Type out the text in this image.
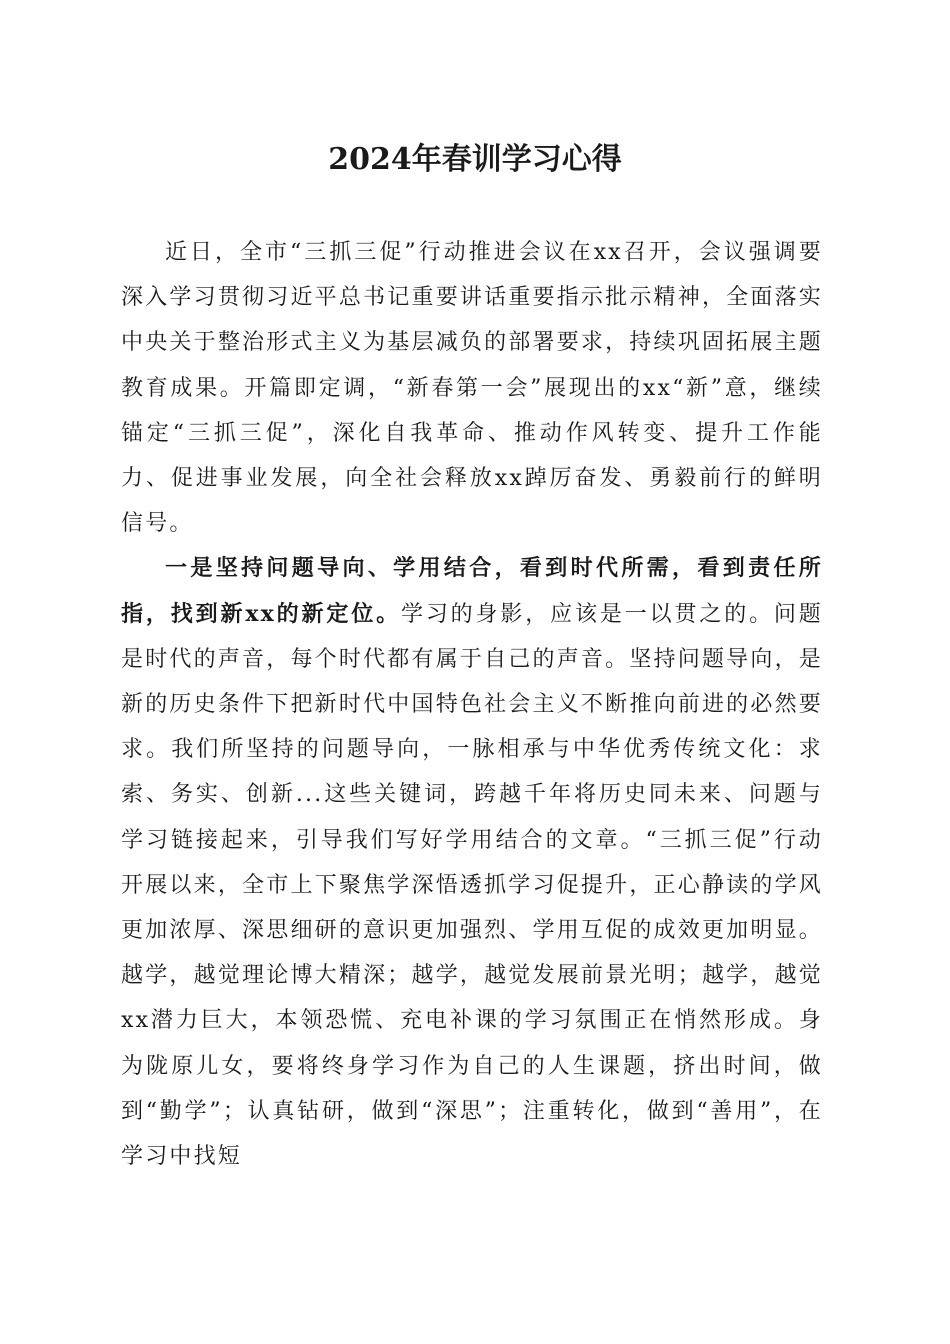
2024年春训学习心得

近日，全市“三抓三促”行动推进会议在xx召开，会议强调要深入学习贯彻习近平总书记重要讲话重要指示批示精神，全面落实中央关于整治形式主义为基层减负的部署要求，持续巩固拓展主题教育成果。开篇即定调，“新春第一会”展现出的xx“新”意，继续锚定“三抓三促”，深化自我革命、推动作风转变、提升工作能力、促进事业发展，向全社会释放xx踔厉奋发、勇毅前行的鲜明信号。

一是坚持问题导向、学用结合，看到时代所需，看到责任所指，找到新xx的新定位。学习的身影，应该是一以贯之的。问题是时代的声音，每个时代都有属于自己的声音。坚持问题导向，是新的历史条件下把新时代中国特色社会主义不断推向前进的必然要求。我们所坚持的问题导向，一脉相承与中华优秀传统文化：求索、务实、创新...这些关键词，跨越千年将历史同未来、问题与学习链接起来，引导我们写好学用结合的文章。“三抓三促”行动开展以来，全市上下聚焦学深悟透抓学习促提升，正心静读的学风更加浓厚、深思细研的意识更加强烈、学用互促的成效更加明显。越学，越觉理论博大精深；越学，越觉发展前景光明；越学，越觉xx潜力巨大，本领恐慌、充电补课的学习氛围正在悄然形成。身为陇原儿女，要将终身学习作为自己的人生课题，挤出时间，做到“勤学”；认真钻研，做到“深思”；注重转化，做到“善用”，在学习中找短
